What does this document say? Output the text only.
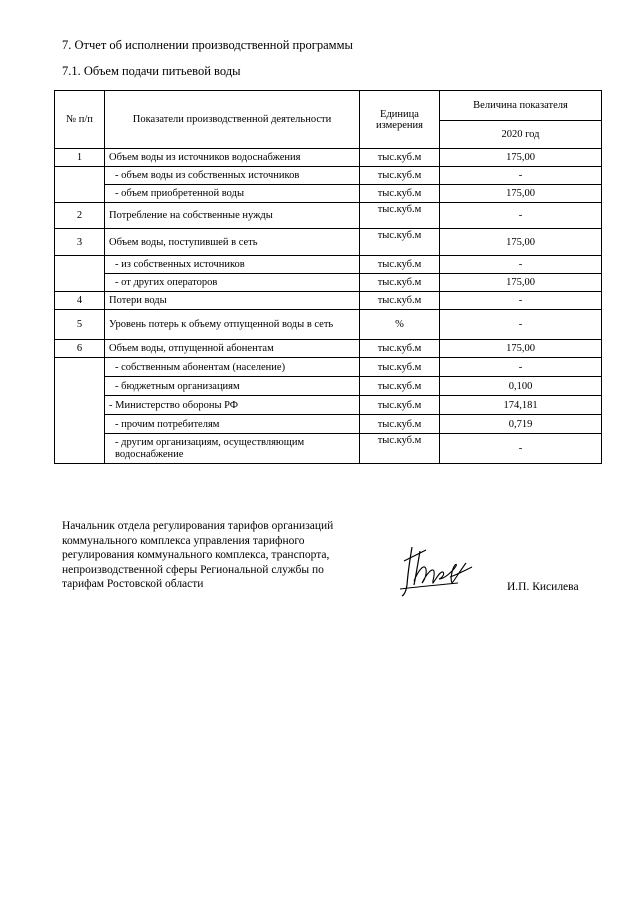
7. Отчет об исполнении производственной программы
7.1. Объем подачи питьевой воды
№ п/п	Показатели производственной деятельности	Единица измерения	Величина показателя
			2020 год
1	Объем воды из источников водоснабжения	тыс.куб.м	175,00
	- объем воды из собственных источников	тыс.куб.м	-
	- объем приобретенной воды	тыс.куб.м	175,00
2	Потребление на собственные нужды	тыс.куб.м	-
3	Объем воды, поступившей в сеть	тыс.куб.м	175,00
	- из собственных источников	тыс.куб.м	-
	- от других операторов	тыс.куб.м	175,00
4	Потери воды	тыс.куб.м	-
5	Уровень потерь к объему отпущенной воды в сеть	%	-
6	Объем воды, отпущенной абонентам	тыс.куб.м	175,00
	- собственным абонентам (население)	тыс.куб.м	-
	- бюджетным организациям	тыс.куб.м	0,100
	- Министерство обороны РФ	тыс.куб.м	174,181
	- прочим потребителям	тыс.куб.м	0,719
	- другим организациям, осуществляющим водоснабжение	тыс.куб.м	-
Начальник отдела регулирования тарифов организаций
коммунального комплекса управления тарифного
регулирования коммунального комплекса, транспорта,
непроизводственной сферы Региональной службы по
тарифам Ростовской области	И.П. Кисилева
